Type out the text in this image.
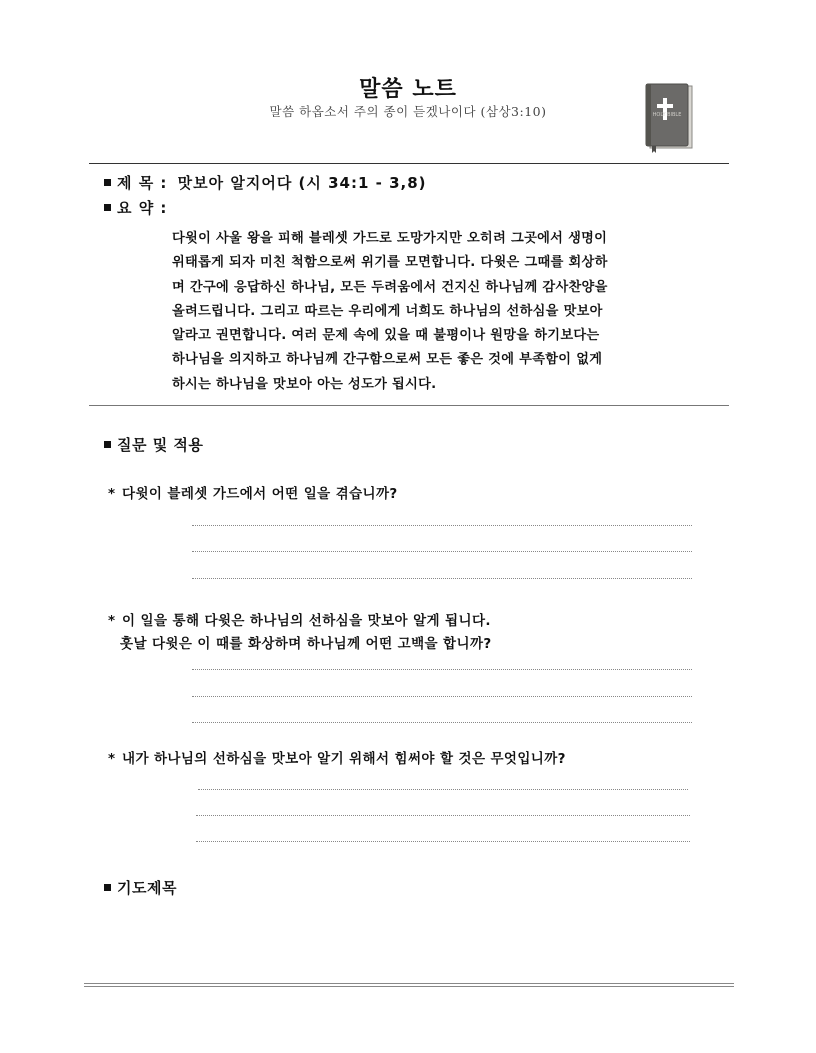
말씀 노트
말씀 하옵소서 주의 종이 듣겠나이다 (삼상3:10)	HOLY BIBLE
제 목 : 맛보아 알지어다 (시 34:1 - 3,8)
요 약 :

다윗이 사울 왕을 피해 블레셋 가드로 도망가지만 오히려 그곳에서 생명이

위태롭게 되자 미친 척함으로써 위기를 모면합니다. 다윗은 그때를 회상하

며 간구에 응답하신 하나님, 모든 두려움에서 건지신 하나님께 감사찬양을

올려드립니다. 그리고 따르는 우리에게 너희도 하나님의 선하심을 맛보아

알라고 권면합니다. 여러 문제 속에 있을 때 불평이나 원망을 하기보다는

하나님을 의지하고 하나님께 간구함으로써 모든 좋은 것에 부족함이 없게

하시는 하나님을 맛보아 아는 성도가 됩시다.

질문 및 적용
* 다윗이 블레셋 가드에서 어떤 일을 겪습니까?
* 이 일을 통해 다윗은 하나님의 선하심을 맛보아 알게 됩니다.
훗날 다윗은 이 때를 화상하며 하나님께 어떤 고백을 합니까?
* 내가 하나님의 선하심을 맛보아 알기 위해서 힘써야 할 것은 무엇입니까?
기도제목
